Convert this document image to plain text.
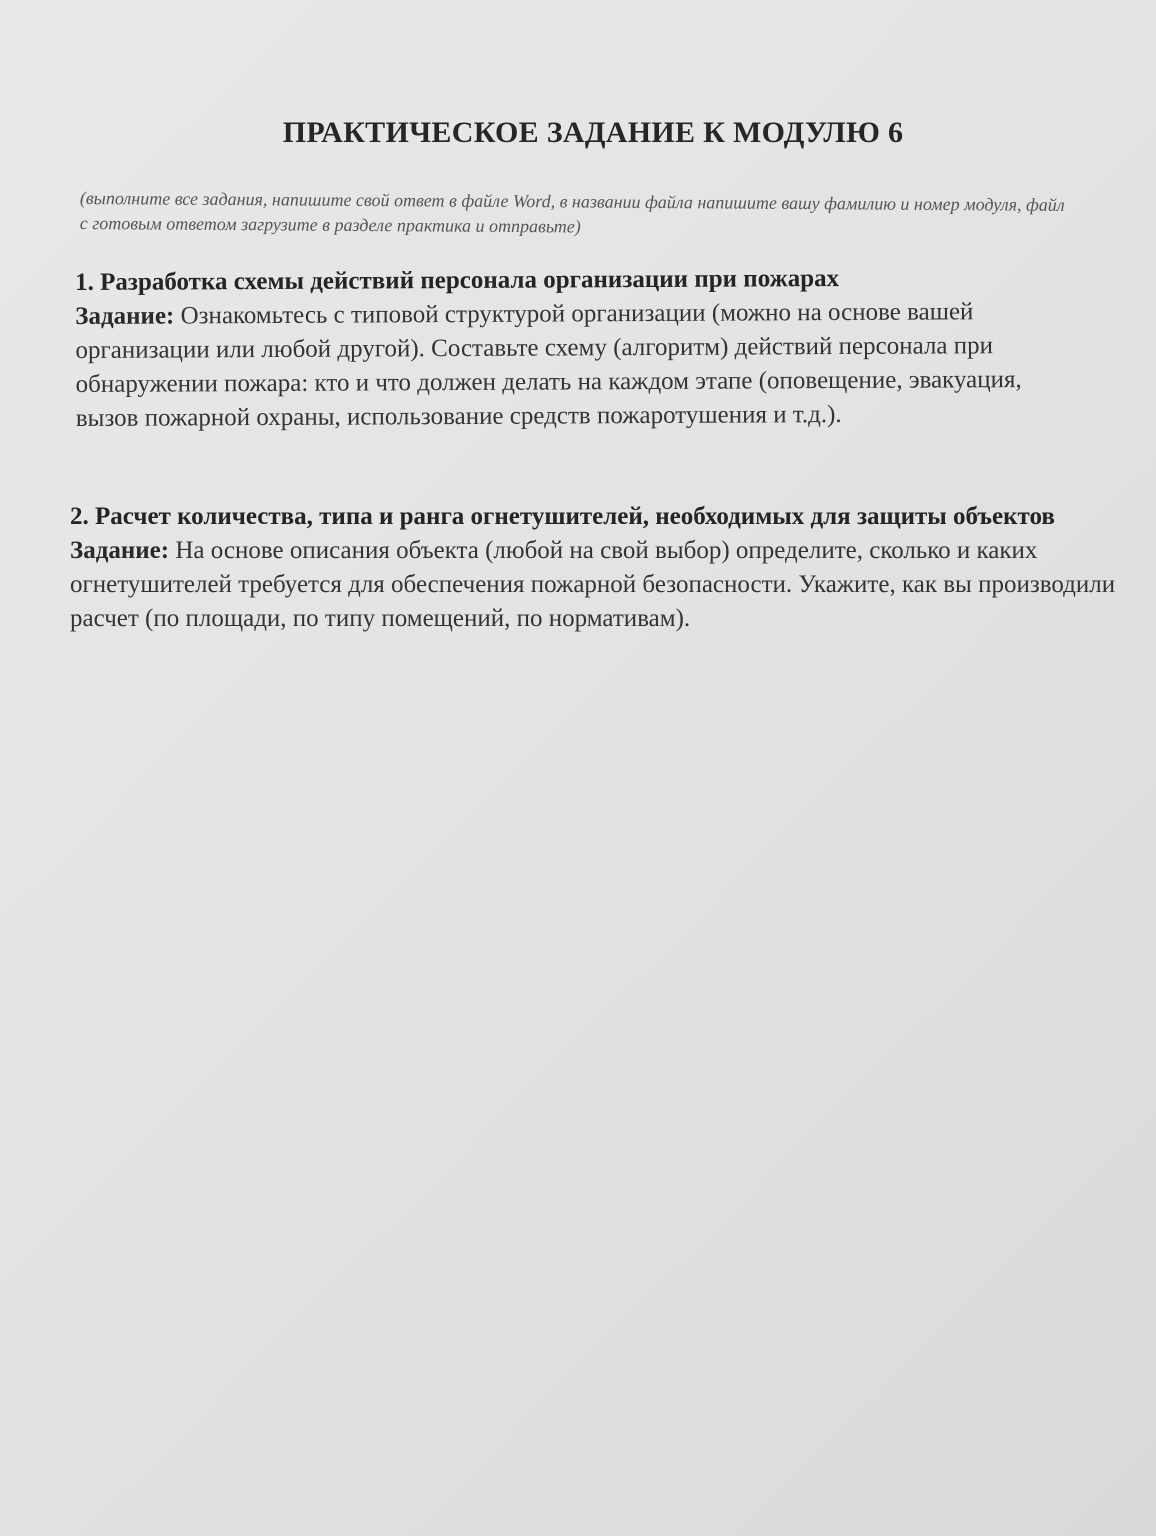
ПРАКТИЧЕСКОЕ ЗАДАНИЕ К МОДУЛЮ 6
(выполните все задания, напишите свой ответ в файле Word, в названии файла напишите вашу фамилию и номер модуля, файл с готовым ответом загрузите в разделе практика и отправьте)

1. Разработка схемы действий персонала организации при пожарах

Задание: Ознакомьтесь с типовой структурой организации (можно на основе вашей организации или любой другой). Составьте схему (алгоритм) действий персонала при обнаружении пожара: кто и что должен делать на каждом этапе (оповещение, эвакуация, вызов пожарной охраны, использование средств пожаротушения и т.д.).

2. Расчет количества, типа и ранга огнетушителей, необходимых для защиты объектов

Задание: На основе описания объекта (любой на свой выбор) определите, сколько и каких огнетушителей требуется для обеспечения пожарной безопасности. Укажите, как вы производили расчет (по площади, по типу помещений, по нормативам).
